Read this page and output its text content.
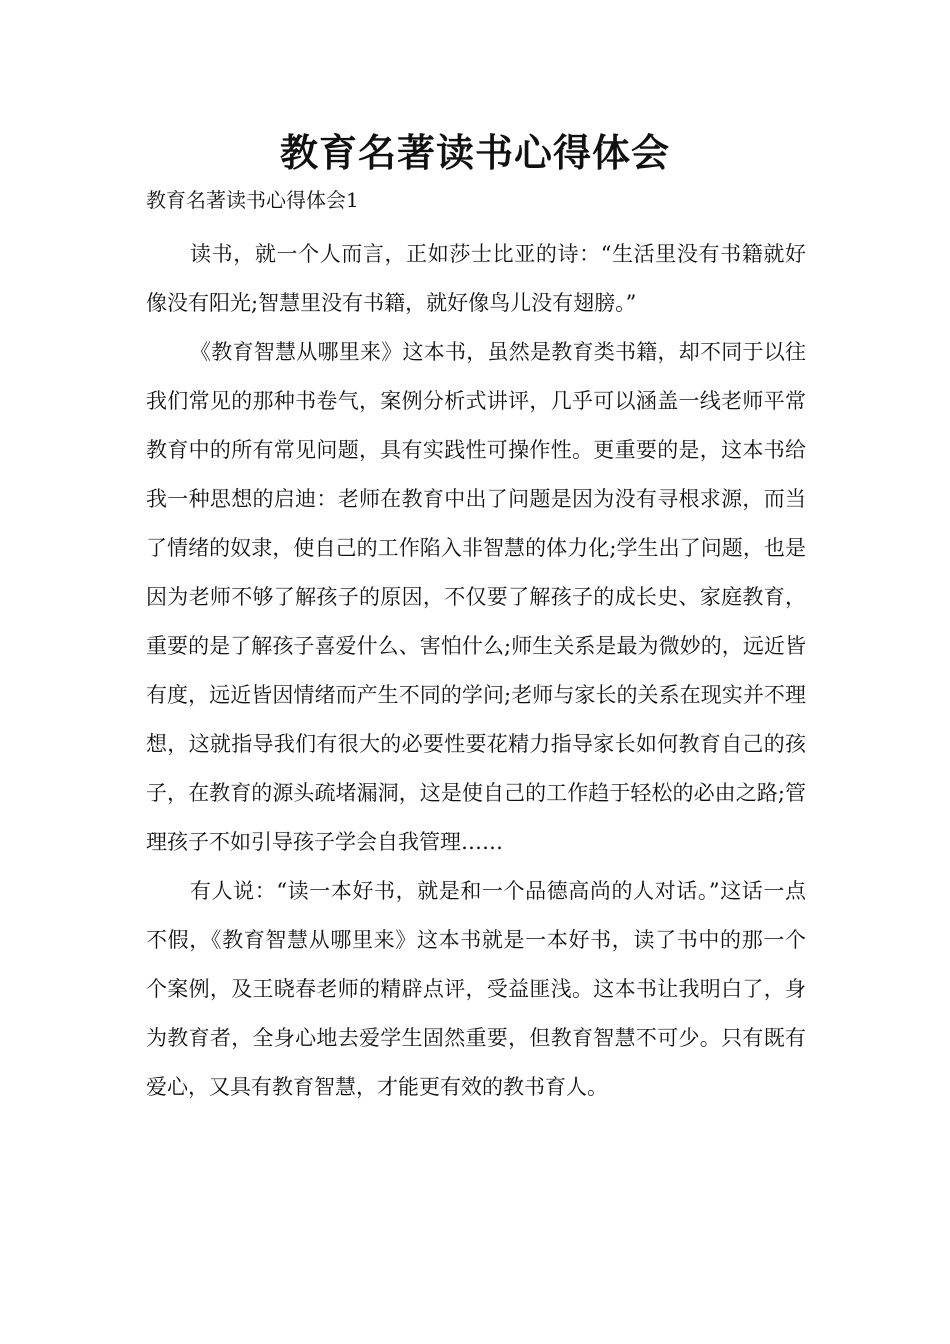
教育名著读书心得体会
教育名著读书心得体会1

读书，就一个人而言，正如莎士比亚的诗：“生活里没有书籍就好像没有阳光;智慧里没有书籍，就好像鸟儿没有翅膀。”

《教育智慧从哪里来》这本书，虽然是教育类书籍，却不同于以往我们常见的那种书卷气，案例分析式讲评，几乎可以涵盖一线老师平常教育中的所有常见问题，具有实践性可操作性。更重要的是，这本书给我一种思想的启迪：老师在教育中出了问题是因为没有寻根求源，而当了情绪的奴隶，使自己的工作陷入非智慧的体力化;学生出了问题，也是因为老师不够了解孩子的原因，不仅要了解孩子的成长史、家庭教育，重要的是了解孩子喜爱什么、害怕什么;师生关系是最为微妙的，远近皆有度，远近皆因情绪而产生不同的学问;老师与家长的关系在现实并不理想，这就指导我们有很大的必要性要花精力指导家长如何教育自己的孩子，在教育的源头疏堵漏洞，这是使自己的工作趋于轻松的必由之路;管理孩子不如引导孩子学会自我管理……

有人说：“读一本好书，就是和一个品德高尚的人对话。”这话一点不假，《教育智慧从哪里来》这本书就是一本好书，读了书中的那一个个案例，及王晓春老师的精辟点评，受益匪浅。这本书让我明白了，身为教育者，全身心地去爱学生固然重要，但教育智慧不可少。只有既有爱心，又具有教育智慧，才能更有效的教书育人。
